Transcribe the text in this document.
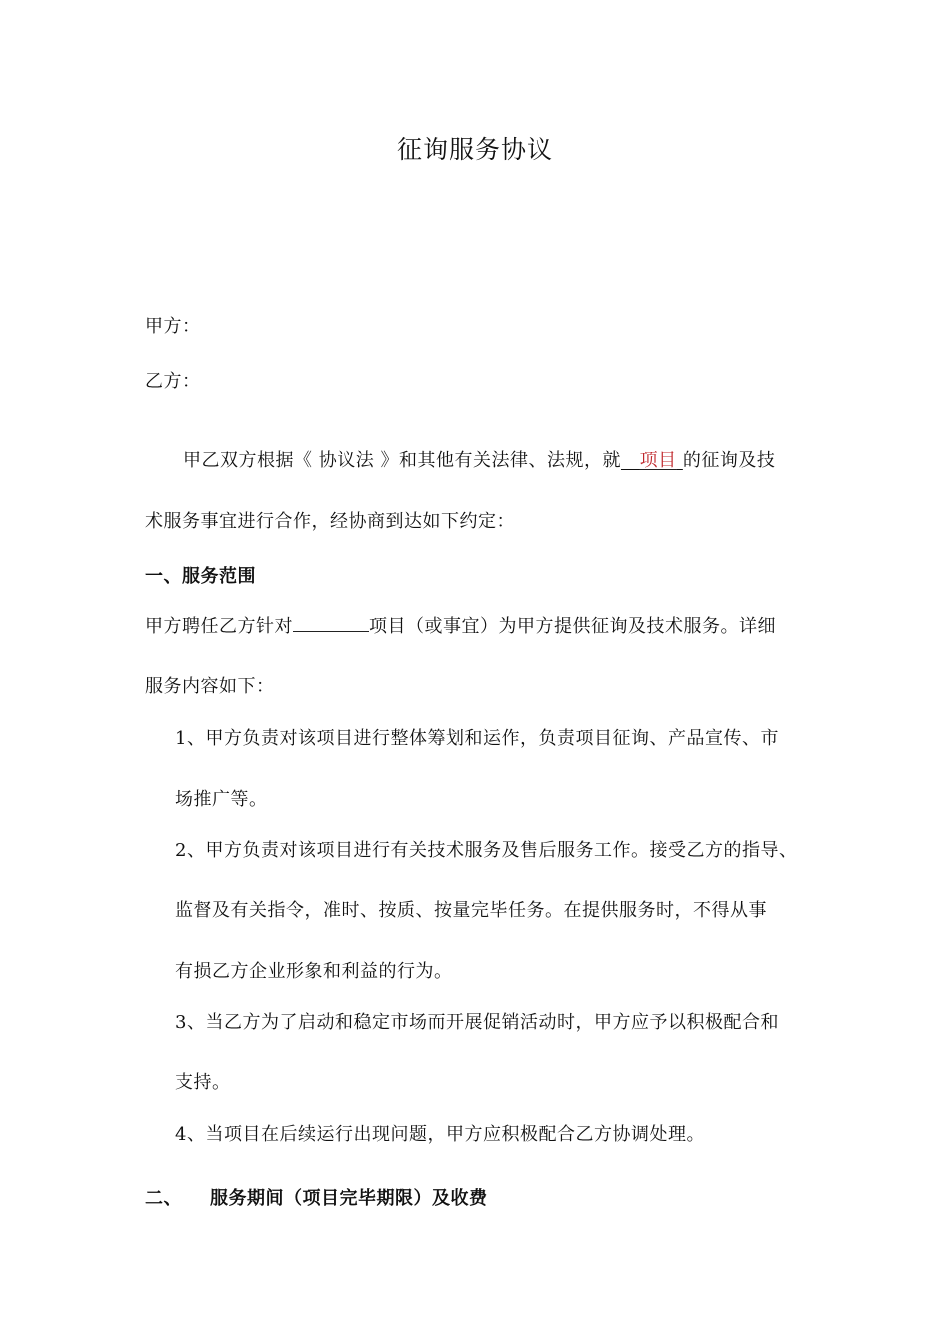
征询服务协议
甲方：
乙方：
甲乙双方根据《 协议法 》和其他有关法律、法规，就 项目 的征询及技
术服务事宜进行合作，经协商到达如下约定：
一、服务范围
甲方聘任乙方针对	项目（或事宜）为甲方提供征询及技术服务。详细
服务内容如下：
1、甲方负责对该项目进行整体筹划和运作，负责项目征询、产品宣传、市
场推广等。
2、甲方负责对该项目进行有关技术服务及售后服务工作。接受乙方的指导、
监督及有关指令，准时、按质、按量完毕任务。在提供服务时，不得从事
有损乙方企业形象和利益的行为。
3、当乙方为了启动和稳定市场而开展促销活动时，甲方应予以积极配合和
支持。
4、当项目在后续运行出现问题，甲方应积极配合乙方协调处理。
二、 服务期间（项目完毕期限）及收费
